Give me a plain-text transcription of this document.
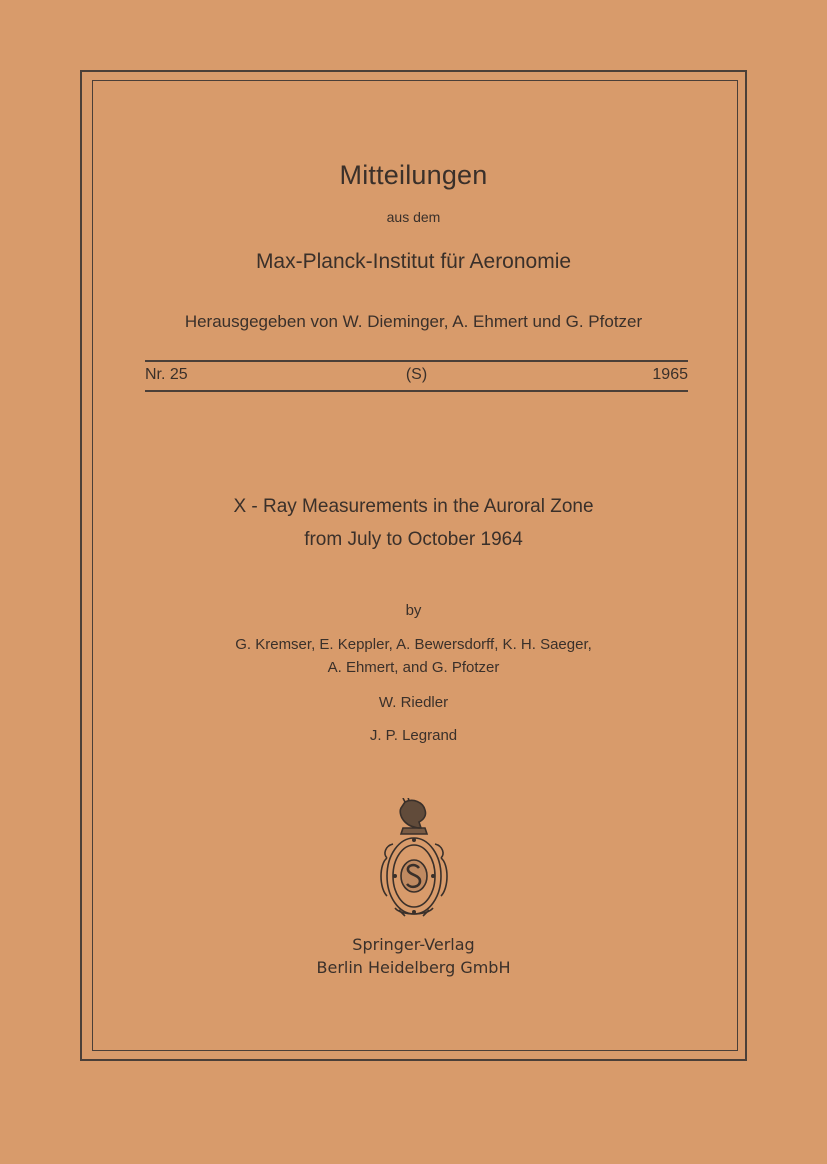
Mitteilungen
aus dem
Max-Planck-Institut für Aeronomie
Herausgegeben von W. Dieminger, A. Ehmert und G. Pfotzer
Nr. 25	(S)	1965
X - Ray Measurements in the Auroral Zone
from July to October 1964
by
G. Kremser, E. Keppler, A. Bewersdorff, K. H. Saeger,
A. Ehmert, and G. Pfotzer
W. Riedler
J. P. Legrand
Springer-Verlag
Berlin Heidelberg GmbH
